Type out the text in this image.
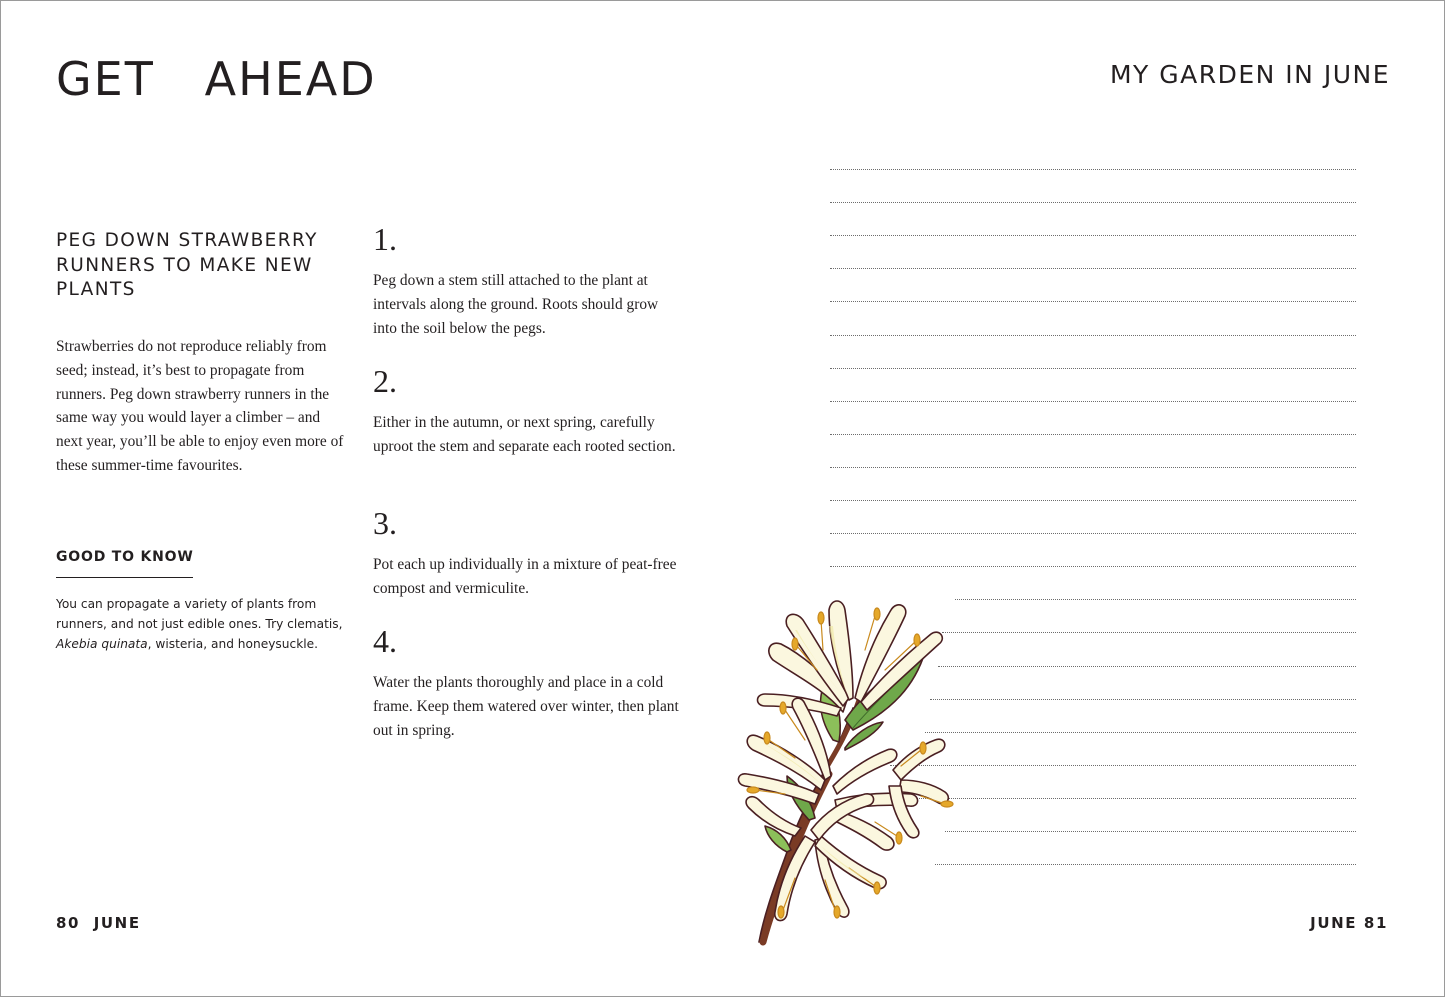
GET   AHEAD
PEG DOWN STRAWBERRY RUNNERS TO MAKE NEW PLANTS

Strawberries do not reproduce reliably from seed; instead, it’s best to propagate from runners. Peg down strawberry runners in the same way you would layer a climber – and next year, you’ll be able to enjoy even more of these summer-time favourites.

GOOD TO KNOW

You can propagate a variety of plants from runners, and not just edible ones. Try clematis, Akebia quinata, wisteria, and honeysuckle.

1.
Peg down a stem still attached to the plant at intervals along the ground. Roots should grow into the soil below the pegs.
2.
Either in the autumn, or next spring, carefully uproot the stem and separate each rooted section.
3.
Pot each up individually in a mixture of peat-free compost and vermiculite.
4.
Water the plants thoroughly and place in a cold frame. Keep them watered over winter, then plant out in spring.
80  JUNE
MY GARDEN IN JUNE
JUNE 81
